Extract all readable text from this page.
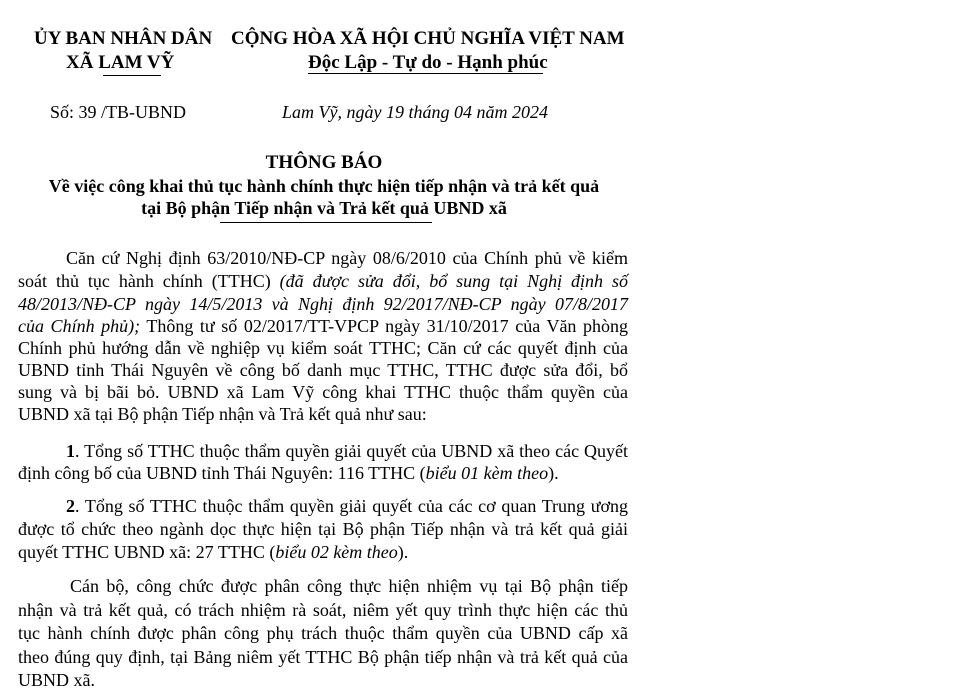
ỦY BAN NHÂN DÂN
XÃ LAM VỸ
CỘNG HÒA XÃ HỘI CHỦ NGHĨA VIỆT NAM
Độc Lập - Tự do - Hạnh phúc
Số: 39 /TB-UBND	Lam Vỹ, ngày 19 tháng 04 năm 2024
THÔNG BÁO
Về việc công khai thủ tục hành chính thực hiện tiếp nhận và trả kết quả
tại Bộ phận Tiếp nhận và Trả kết quả UBND xã
Căn cứ Nghị định 63/2010/NĐ-CP ngày 08/6/2010 của Chính phủ về kiểm
soát thủ tục hành chính (TTHC) (đã được sửa đổi, bổ sung tại Nghị định số
48/2013/NĐ-CP ngày 14/5/2013 và Nghị định 92/2017/NĐ-CP ngày 07/8/2017
của Chính phủ); Thông tư số 02/2017/TT-VPCP ngày 31/10/2017 của Văn phòng
Chính phủ hướng dẫn về nghiệp vụ kiểm soát TTHC; Căn cứ các quyết định của
UBND tỉnh Thái Nguyên về công bố danh mục TTHC, TTHC được sửa đổi, bổ
sung và bị bãi bỏ. UBND xã Lam Vỹ công khai TTHC thuộc thẩm quyền của
UBND xã tại Bộ phận Tiếp nhận và Trả kết quả như sau:
1. Tổng số TTHC thuộc thẩm quyền giải quyết của UBND xã theo các Quyết
định công bố của UBND tỉnh Thái Nguyên: 116 TTHC (biểu 01 kèm theo).
2. Tổng số TTHC thuộc thẩm quyền giải quyết của các cơ quan Trung ương
được tổ chức theo ngành dọc thực hiện tại Bộ phận Tiếp nhận và trả kết quả giải
quyết TTHC UBND xã: 27 TTHC (biểu 02 kèm theo).
Cán bộ, công chức được phân công thực hiện nhiệm vụ tại Bộ phận tiếp
nhận và trả kết quả, có trách nhiệm rà soát, niêm yết quy trình thực hiện các thủ
tục hành chính được phân công phụ trách thuộc thẩm quyền của UBND cấp xã
theo đúng quy định, tại Bảng niêm yết TTHC Bộ phận tiếp nhận và trả kết quả của
UBND xã.
